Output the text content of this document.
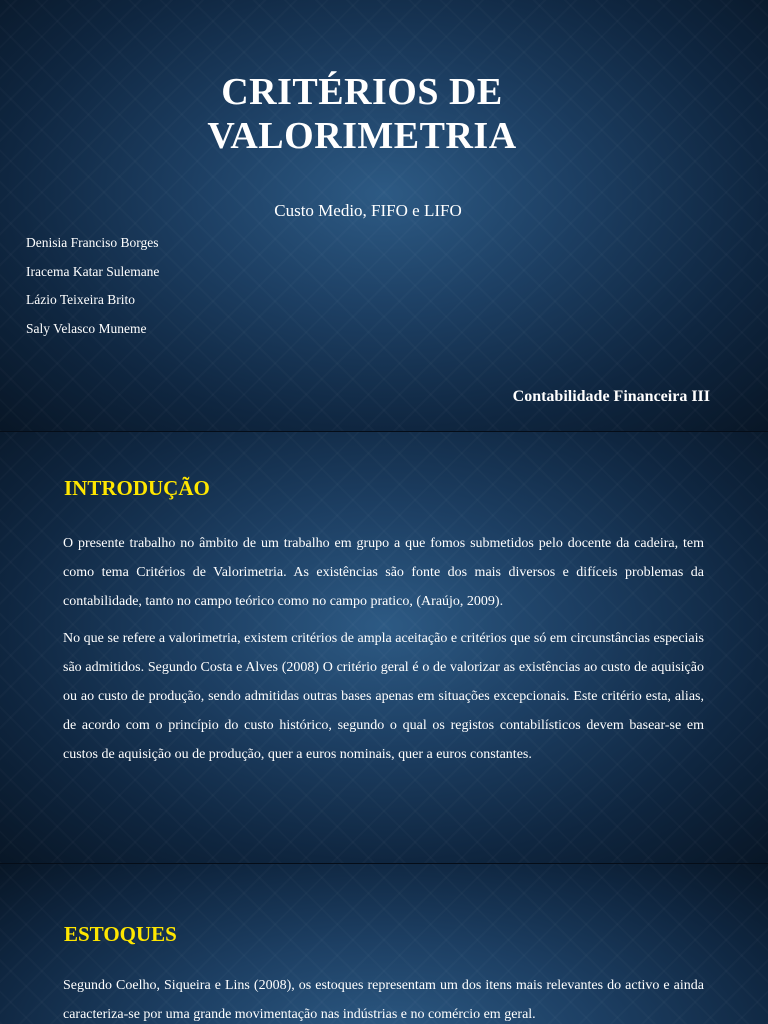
CRITÉRIOS DE
VALORIMETRIA
Custo Medio, FIFO e LIFO
Denisia Franciso Borges
Iracema Katar Sulemane
Lázio Teixeira Brito
Saly Velasco Muneme
Contabilidade Financeira III
INTRODUÇÃO

O presente trabalho no âmbito de um trabalho em grupo a que fomos submetidos pelo docente da cadeira, tem como tema Critérios de Valorimetria. As existências são fonte dos mais diversos e difíceis problemas da contabilidade, tanto no campo teórico como no campo pratico, (Araújo, 2009).

No que se refere a valorimetria, existem critérios de ampla aceitação e critérios que só em circunstâncias especiais são admitidos. Segundo Costa e Alves (2008) O critério geral é o de valorizar as existências ao custo de aquisição ou ao custo de produção, sendo admitidas outras bases apenas em situações excepcionais. Este critério esta, alias, de acordo com o princípio do custo histórico, segundo o qual os registos contabilísticos devem basear-se em custos de aquisição ou de produção, quer a euros nominais, quer a euros constantes.

ESTOQUES

Segundo Coelho, Siqueira e Lins (2008), os estoques representam um dos itens mais relevantes do activo e ainda caracteriza-se por uma grande movimentação nas indústrias e no comércio em geral.
